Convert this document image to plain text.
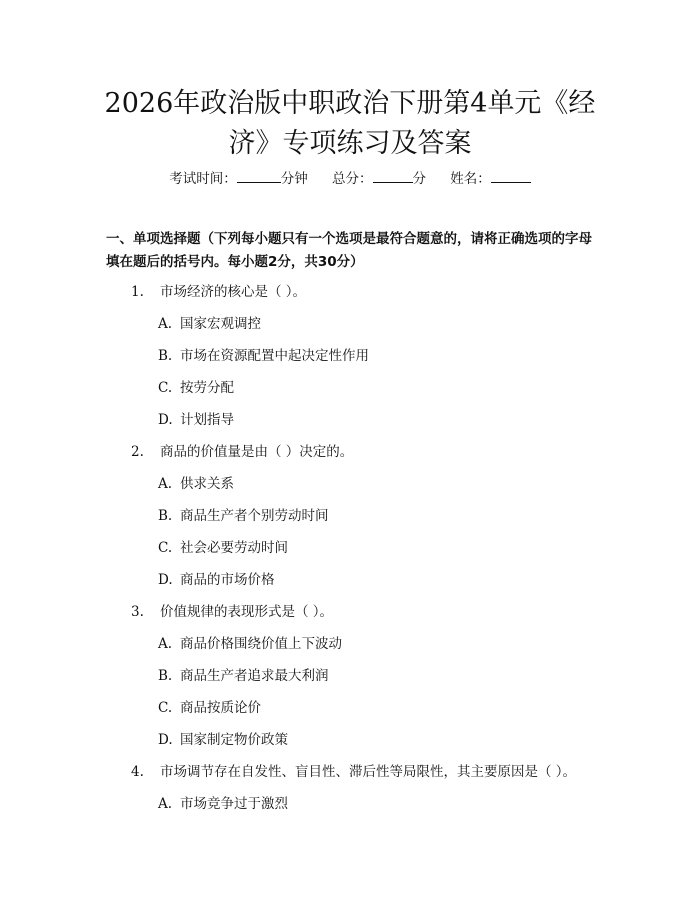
2026年政治版中职政治下册第4单元《经
济》专项练习及答案
考试时间：	分钟 总分：	分 姓名：

一、单项选择题（下列每小题只有一个选项是最符合题意的，请将正确选项的字母填在题后的括号内。每小题2分，共30分）

1. 市场经济的核心是（ ）。
A. 国家宏观调控
B. 市场在资源配置中起决定性作用
C. 按劳分配
D. 计划指导
2. 商品的价值量是由（ ）决定的。
A. 供求关系
B. 商品生产者个别劳动时间
C. 社会必要劳动时间
D. 商品的市场价格
3. 价值规律的表现形式是（ ）。
A. 商品价格围绕价值上下波动
B. 商品生产者追求最大利润
C. 商品按质论价
D. 国家制定物价政策
4. 市场调节存在自发性、盲目性、滞后性等局限性，其主要原因是（ ）。
A. 市场竞争过于激烈
